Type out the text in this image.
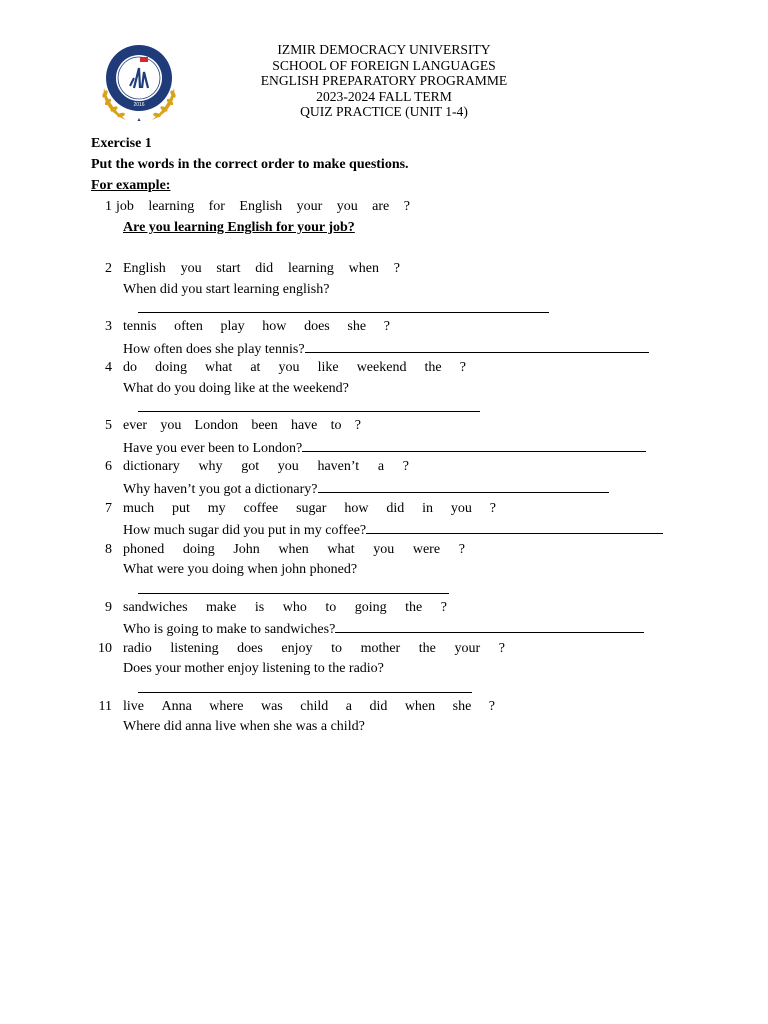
2016
IZMIR DEMOCRACY UNIVERSITY
SCHOOL OF FOREIGN LANGUAGES
ENGLISH PREPARATORY PROGRAMME
2023-2024 FALL TERM
QUIZ PRACTICE (UNIT 1-4)
Exercise 1
Put the words in the correct order to make questions.
For example:
1 job learning for English your you are ?
Are you learning English for your job?
2 English you start did learning when ?
When did you start learning english?
3 tennis often play how does she ?
How often does she play tennis?
4 do doing what at you like weekend the ?
What do you doing like at the weekend?
5 ever you London been have to ?
Have you ever been to London?
6 dictionary why got you haven’t a ?
Why haven’t you got a dictionary?
7 much put my coffee sugar how did in you ?
How much sugar did you put in my coffee?
8 phoned doing John when what you were ?
What were you doing when john phoned?
9 sandwiches make is who to going the ?
Who is going to make to sandwiches?
10 radio listening does enjoy to mother the your ?
Does your mother enjoy listening to the radio?
11 live Anna where was child a did when she ?
Where did anna live when she was a child?
